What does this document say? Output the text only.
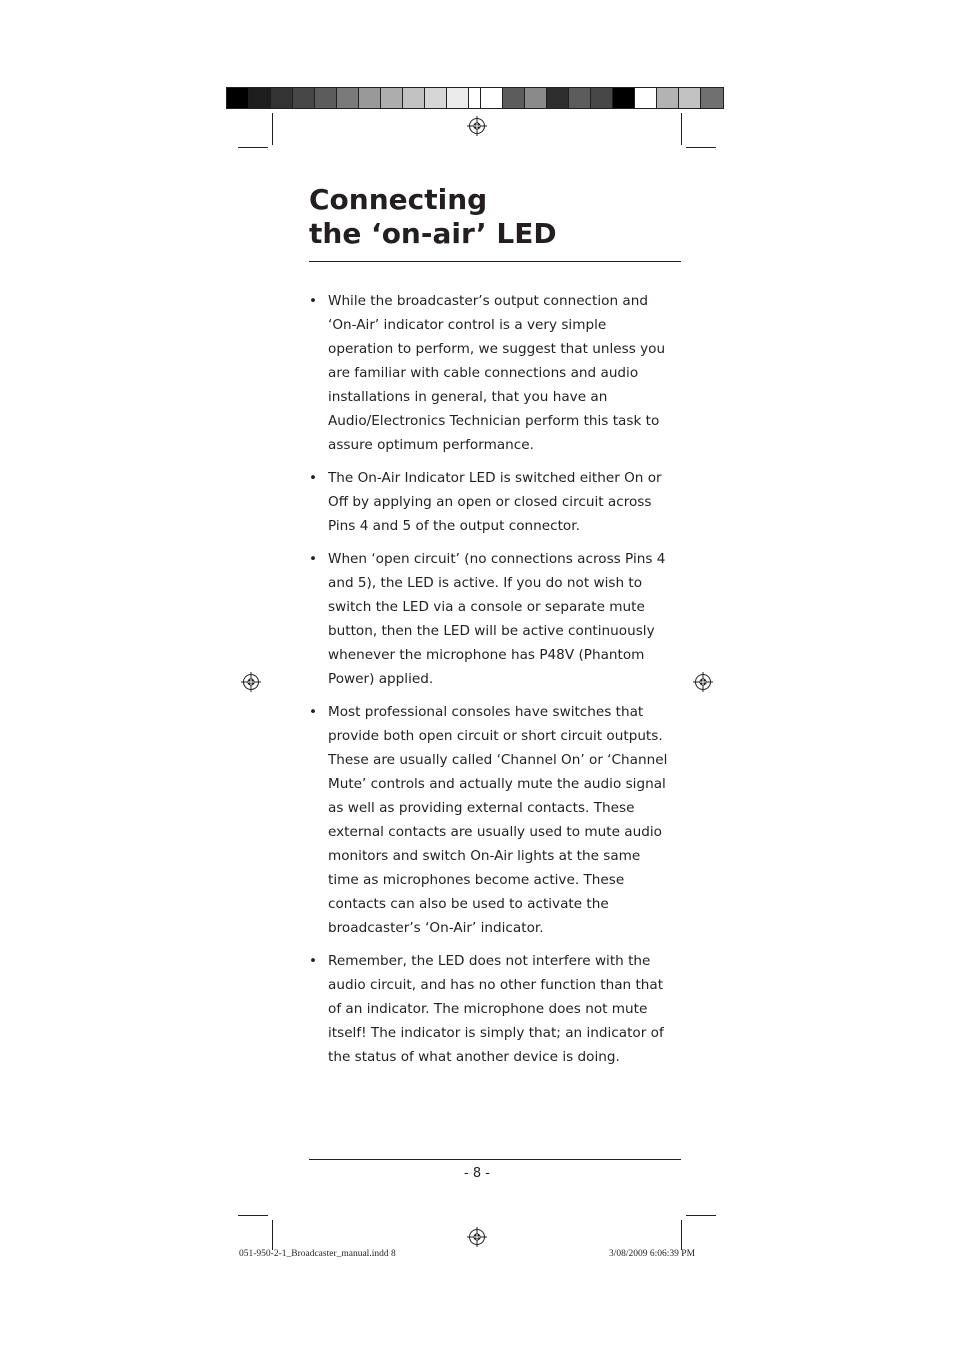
Connecting
the ‘on-air’ LED
• While the broadcaster’s output connection and ‘On-Air’ indicator control is a very simple operation to perform, we suggest that unless you are familiar with cable connections and audio installations in general, that you have an Audio/Electronics Technician perform this task to assure optimum performance.
• The On-Air Indicator LED is switched either On or Off by applying an open or closed circuit across Pins 4 and 5 of the output connector.
• When ‘open circuit’ (no connections across Pins 4 and 5), the LED is active. If you do not wish to switch the LED via a console or separate mute button, then the LED will be active continuously whenever the microphone has P48V (Phantom Power) applied.
• Most professional consoles have switches that provide both open circuit or short circuit outputs. These are usually called ‘Channel On’ or ‘Channel Mute’ controls and actually mute the audio signal as well as providing external contacts. These external contacts are usually used to mute audio monitors and switch On-Air lights at the same time as microphones become active. These contacts can also be used to activate the broadcaster’s ‘On-Air’ indicator.
• Remember, the LED does not interfere with the audio circuit, and has no other function than that of an indicator. The microphone does not mute itself! The indicator is simply that; an indicator of the status of what another device is doing.
- 8 -
051-950-2-1_Broadcaster_manual.indd 8	3/08/2009 6:06:39 PM
